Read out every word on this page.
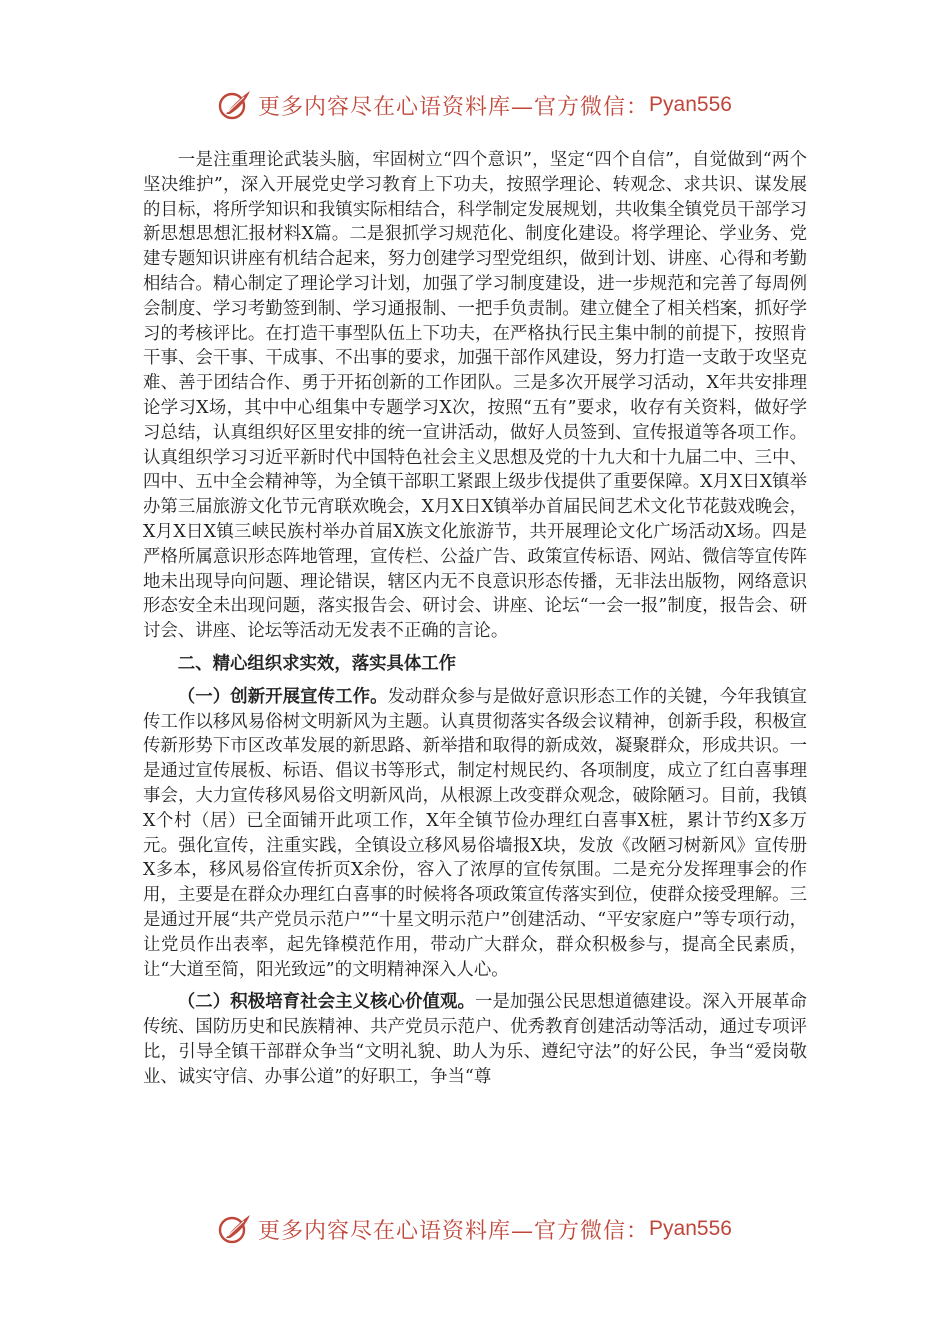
更多内容尽在心语资料库—官方微信： Pyan556

一是注重理论武装头脑，牢固树立“四个意识”，坚定“四个自信”，自觉做到“两个坚决维护”，深入开展党史学习教育上下功夫，按照学理论、转观念、求共识、谋发展的目标，将所学知识和我镇实际相结合，科学制定发展规划，共收集全镇党员干部学习新思想思想汇报材料X篇。二是狠抓学习规范化、制度化建设。将学理论、学业务、党建专题知识讲座有机结合起来，努力创建学习型党组织，做到计划、讲座、心得和考勤相结合。精心制定了理论学习计划，加强了学习制度建设，进一步规范和完善了每周例会制度、学习考勤签到制、学习通报制、一把手负责制。建立健全了相关档案，抓好学习的考核评比。在打造干事型队伍上下功夫，在严格执行民主集中制的前提下，按照肯干事、会干事、干成事、不出事的要求，加强干部作风建设，努力打造一支敢于攻坚克难、善于团结合作、勇于开拓创新的工作团队。三是多次开展学习活动，X年共安排理论学习X场，其中中心组集中专题学习X次，按照“五有”要求，收存有关资料，做好学习总结，认真组织好区里安排的统一宣讲活动，做好人员签到、宣传报道等各项工作。认真组织学习习近平新时代中国特色社会主义思想及党的十九大和十九届二中、三中、四中、五中全会精神等，为全镇干部职工紧跟上级步伐提供了重要保障。X月X日X镇举办第三届旅游文化节元宵联欢晚会，X月X日X镇举办首届民间艺术文化节花鼓戏晚会，X月X日X镇三峡民族村举办首届X族文化旅游节，共开展理论文化广场活动X场。四是严格所属意识形态阵地管理，宣传栏、公益广告、政策宣传标语、网站、微信等宣传阵地未出现导向问题、理论错误，辖区内无不良意识形态传播，无非法出版物，网络意识形态安全未出现问题，落实报告会、研讨会、讲座、论坛“一会一报”制度，报告会、研讨会、讲座、论坛等活动无发表不正确的言论。

二、精心组织求实效，落实具体工作

（一）创新开展宣传工作。发动群众参与是做好意识形态工作的关键，今年我镇宣传工作以移风易俗树文明新风为主题。认真贯彻落实各级会议精神，创新手段，积极宣传新形势下市区改革发展的新思路、新举措和取得的新成效，凝聚群众，形成共识。一是通过宣传展板、标语、倡议书等形式，制定村规民约、各项制度，成立了红白喜事理事会，大力宣传移风易俗文明新风尚，从根源上改变群众观念，破除陋习。目前，我镇X个村（居）已全面铺开此项工作，X年全镇节俭办理红白喜事X桩，累计节约X多万元。强化宣传，注重实践，全镇设立移风易俗墙报X块，发放《改陋习树新风》宣传册X多本，移风易俗宣传折页X余份，容入了浓厚的宣传氛围。二是充分发挥理事会的作用，主要是在群众办理红白喜事的时候将各项政策宣传落实到位，使群众接受理解。三是通过开展“共产党员示范户”“十星文明示范户”创建活动、“平安家庭户”等专项行动，让党员作出表率，起先锋模范作用，带动广大群众，群众积极参与，提高全民素质，让“大道至简，阳光致远”的文明精神深入人心。

（二）积极培育社会主义核心价值观。一是加强公民思想道德建设。深入开展革命传统、国防历史和民族精神、共产党员示范户、优秀教育创建活动等活动，通过专项评比，引导全镇干部群众争当“文明礼貌、助人为乐、遵纪守法”的好公民，争当“爱岗敬业、诚实守信、办事公道”的好职工，争当“尊

更多内容尽在心语资料库—官方微信： Pyan556
